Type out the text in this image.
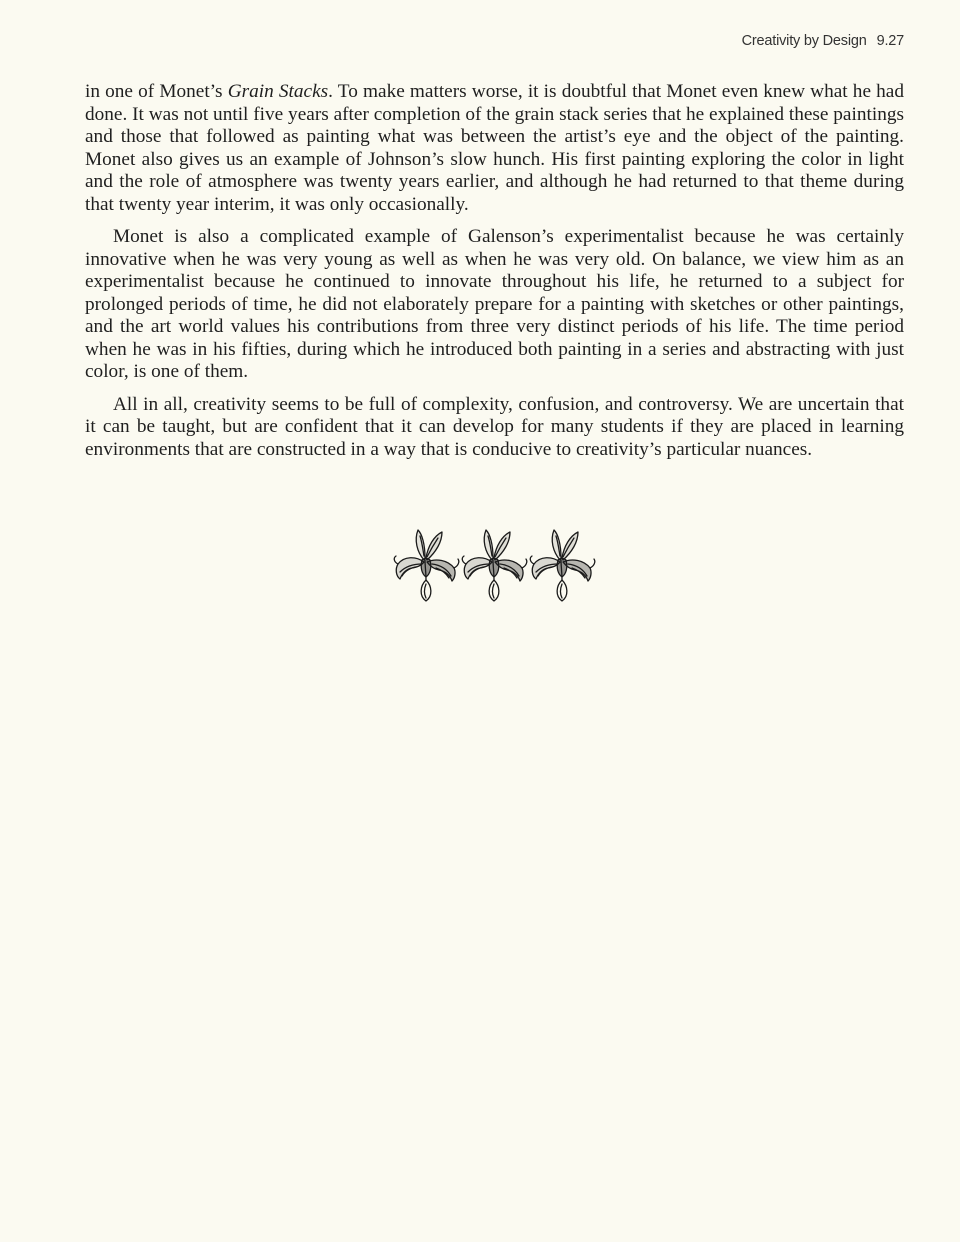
Creativity by Design 9.27

in one of Monet’s Grain Stacks. To make matters worse, it is doubtful that Monet even knew what he had done. It was not until five years after completion of the grain stack series that he explained these paintings and those that followed as painting what was between the artist’s eye and the object of the painting. Monet also gives us an example of Johnson’s slow hunch. His first painting exploring the color in light and the role of atmosphere was twenty years earlier, and although he had returned to that theme during that twenty year interim, it was only occasionally.

Monet is also a complicated example of Galenson’s experimentalist because he was certainly innovative when he was very young as well as when he was very old. On balance, we view him as an experimentalist because he continued to innovate throughout his life, he returned to a subject for prolonged periods of time, he did not elaborately prepare for a painting with sketches or other paintings, and the art world values his contributions from three very distinct periods of his life. The time period when he was in his fifties, during which he introduced both painting in a series and abstracting with just color, is one of them.

All in all, creativity seems to be full of complexity, confusion, and controversy. We are uncertain that it can be taught, but are confident that it can develop for many students if they are placed in learning environments that are constructed in a way that is conducive to creativity’s particular nuances.
